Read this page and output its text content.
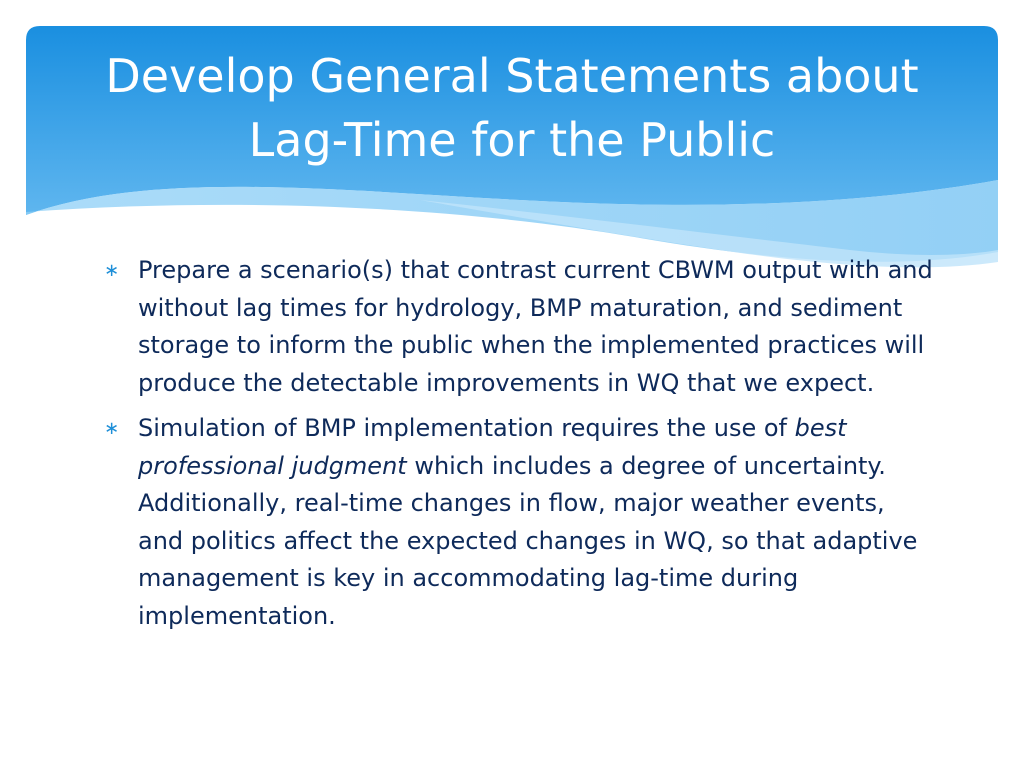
Develop General Statements about
Lag-Time for the Public
∗ Prepare a scenario(s) that contrast current CBWM output with and without lag times for hydrology, BMP maturation, and sediment storage to inform the public when the implemented practices will produce the detectable improvements in WQ that we expect.
∗ Simulation of BMP implementation requires the use of best professional judgment which includes a degree of uncertainty. Additionally, real-time changes in flow, major weather events, and politics affect the expected changes in WQ, so that adaptive management is key in accommodating lag-time during implementation.
